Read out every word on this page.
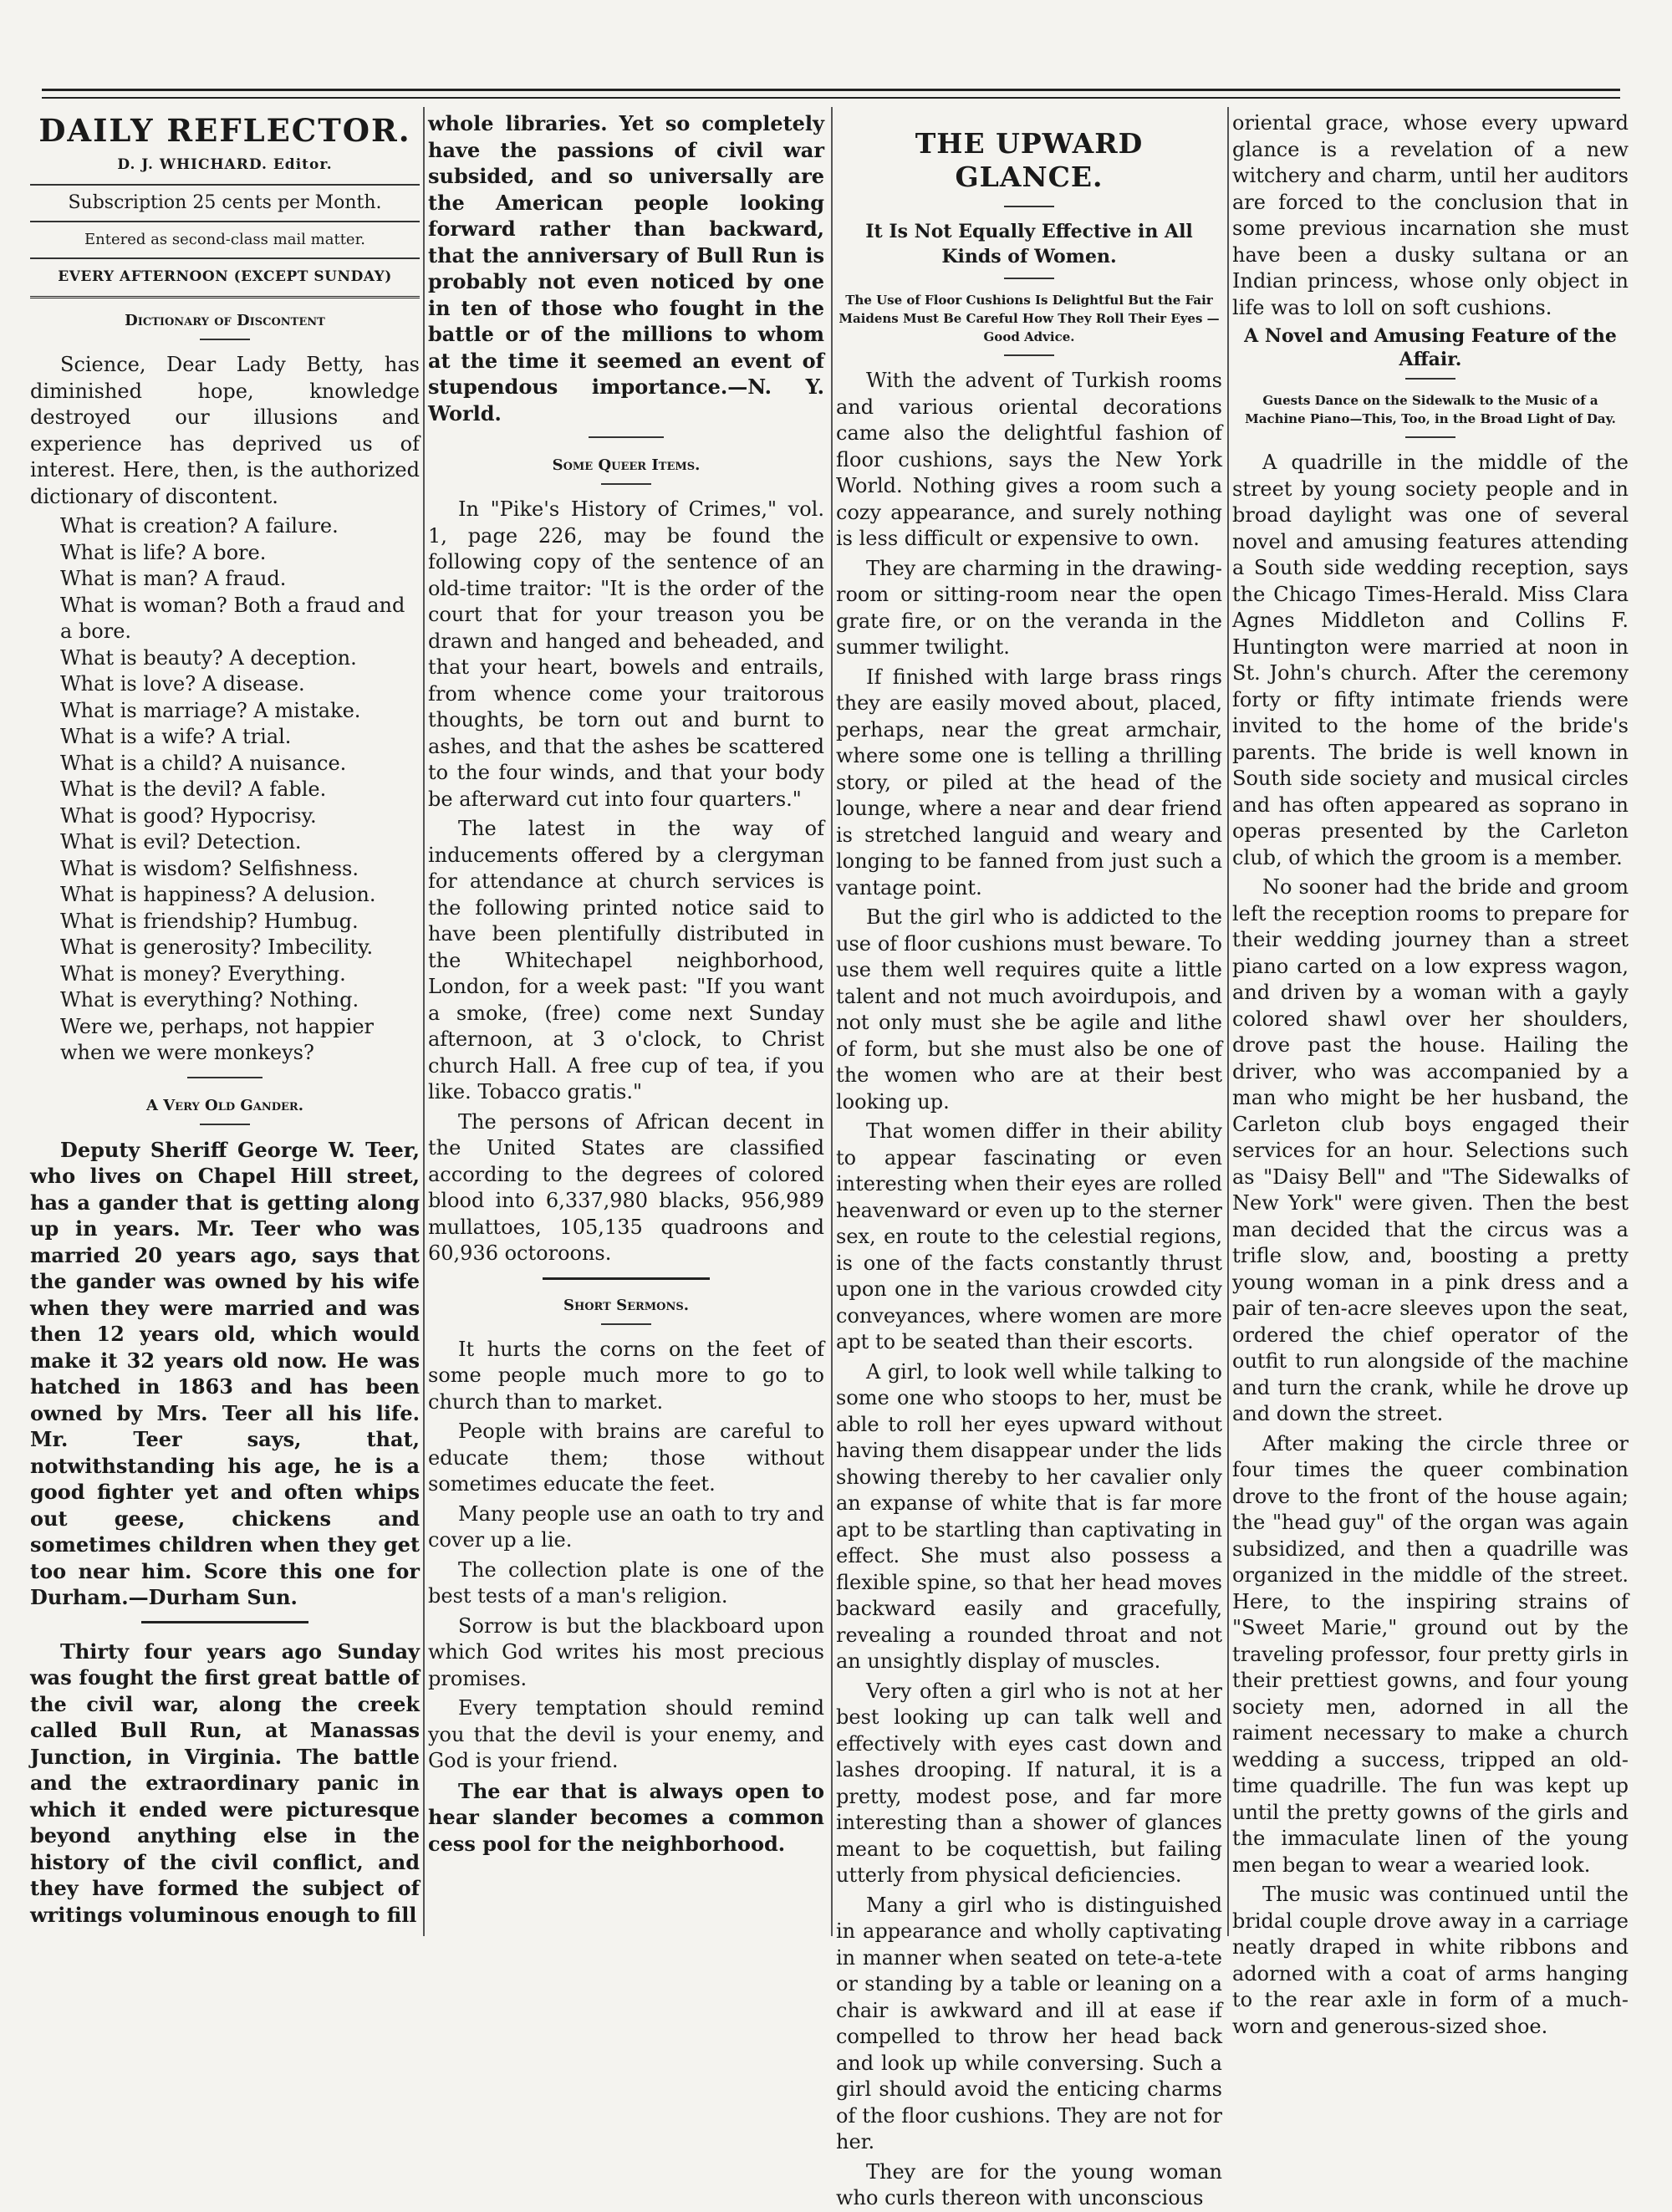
DAILY REFLECTOR.
D. J. WHICHARD. Editor.
Subscription 25 cents per Month.
Entered as second-class mail matter.
EVERY AFTERNOON (EXCEPT SUNDAY)
Dictionary of Discontent

Science, Dear Lady Betty, has diminished hope, knowledge destroyed our illusions and experience has deprived us of interest. Here, then, is the authorized dictionary of discontent.

What is creation? A failure.

What is life? A bore.

What is man? A fraud.

What is woman? Both a fraud and a bore.

What is beauty? A deception.

What is love? A disease.

What is marriage? A mistake.

What is a wife? A trial.

What is a child? A nuisance.

What is the devil? A fable.

What is good? Hypocrisy.

What is evil? Detection.

What is wisdom? Selfishness.

What is happiness? A delusion.

What is friendship? Humbug.

What is generosity? Imbecility.

What is money? Everything.

What is everything? Nothing.

Were we, perhaps, not happier when we were monkeys?

A Very Old Gander.

Deputy Sheriff George W. Teer, who lives on Chapel Hill street, has a gander that is getting along up in years. Mr. Teer who was married 20 years ago, says that the gander was owned by his wife when they were married and was then 12 years old, which would make it 32 years old now. He was hatched in 1863 and has been owned by Mrs. Teer all his life. Mr. Teer says, that, notwithstanding his age, he is a good fighter yet and often whips out geese, chickens and sometimes children when they get too near him. Score this one for Durham.—Durham Sun.

Thirty four years ago Sunday was fought the first great battle of the civil war, along the creek called Bull Run, at Manassas Junction, in Virginia. The battle and the extraordinary panic in which it ended were picturesque beyond anything else in the history of the civil conflict, and they have formed the subject of writings voluminous enough to fill

whole libraries. Yet so completely have the passions of civil war subsided, and so universally are the American people looking forward rather than backward, that the anniversary of Bull Run is probably not even noticed by one in ten of those who fought in the battle or of the millions to whom at the time it seemed an event of stupendous importance.—N. Y. World.

Some Queer Items.

In "Pike's History of Crimes," vol. 1, page 226, may be found the following copy of the sentence of an old-time traitor: "It is the order of the court that for your treason you be drawn and hanged and beheaded, and that your heart, bowels and entrails, from whence come your traitorous thoughts, be torn out and burnt to ashes, and that the ashes be scattered to the four winds, and that your body be afterward cut into four quarters."

The latest in the way of inducements offered by a clergyman for attendance at church services is the following printed notice said to have been plentifully distributed in the Whitechapel neighborhood, London, for a week past: "If you want a smoke, (free) come next Sunday afternoon, at 3 o'clock, to Christ church Hall. A free cup of tea, if you like. Tobacco gratis."

The persons of African decent in the United States are classified according to the degrees of colored blood into 6,337,980 blacks, 956,989 mullattoes, 105,135 quadroons and 60,936 octoroons.

Short Sermons.

It hurts the corns on the feet of some people much more to go to church than to market.

People with brains are careful to educate them; those without sometimes educate the feet.

Many people use an oath to try and cover up a lie.

The collection plate is one of the best tests of a man's religion.

Sorrow is but the blackboard upon which God writes his most precious promises.

Every temptation should remind you that the devil is your enemy, and God is your friend.

The ear that is always open to hear slander becomes a common cess pool for the neighborhood.

THE UPWARD GLANCE.
It Is Not Equally Effective in All Kinds of Women.
The Use of Floor Cushions Is Delightful But the Fair Maidens Must Be Careful How They Roll Their Eyes —Good Advice.

With the advent of Turkish rooms and various oriental decorations came also the delightful fashion of floor cushions, says the New York World. Nothing gives a room such a cozy appearance, and surely nothing is less difficult or expensive to own.

They are charming in the drawing-room or sitting-room near the open grate fire, or on the veranda in the summer twilight.

If finished with large brass rings they are easily moved about, placed, perhaps, near the great armchair, where some one is telling a thrilling story, or piled at the head of the lounge, where a near and dear friend is stretched languid and weary and longing to be fanned from just such a vantage point.

But the girl who is addicted to the use of floor cushions must beware. To use them well requires quite a little talent and not much avoirdupois, and not only must she be agile and lithe of form, but she must also be one of the women who are at their best looking up.

That women differ in their ability to appear fascinating or even interesting when their eyes are rolled heavenward or even up to the sterner sex, en route to the celestial regions, is one of the facts constantly thrust upon one in the various crowded city conveyances, where women are more apt to be seated than their escorts.

A girl, to look well while talking to some one who stoops to her, must be able to roll her eyes upward without having them disappear under the lids showing thereby to her cavalier only an expanse of white that is far more apt to be startling than captivating in effect. She must also possess a flexible spine, so that her head moves backward easily and gracefully, revealing a rounded throat and not an unsightly display of muscles.

Very often a girl who is not at her best looking up can talk well and effectively with eyes cast down and lashes drooping. If natural, it is a pretty, modest pose, and far more interesting than a shower of glances meant to be coquettish, but failing utterly from physical deficiencies.

Many a girl who is distinguished in appearance and wholly captivating in manner when seated on tete-a-tete or standing by a table or leaning on a chair is awkward and ill at ease if compelled to throw her head back and look up while conversing. Such a girl should avoid the enticing charms of the floor cushions. They are not for her.

They are for the young woman who curls thereon with unconscious

oriental grace, whose every upward glance is a revelation of a new witchery and charm, until her auditors are forced to the conclusion that in some previous incarnation she must have been a dusky sultana or an Indian princess, whose only object in life was to loll on soft cushions.

A Novel and Amusing Feature of the Affair.
Guests Dance on the Sidewalk to the Music of a Machine Piano—This, Too, in the Broad Light of Day.

A quadrille in the middle of the street by young society people and in broad daylight was one of several novel and amusing features attending a South side wedding reception, says the Chicago Times-Herald. Miss Clara Agnes Middleton and Collins F. Huntington were married at noon in St. John's church. After the ceremony forty or fifty intimate friends were invited to the home of the bride's parents. The bride is well known in South side society and musical circles and has often appeared as soprano in operas presented by the Carleton club, of which the groom is a member.

No sooner had the bride and groom left the reception rooms to prepare for their wedding journey than a street piano carted on a low express wagon, and driven by a woman with a gayly colored shawl over her shoulders, drove past the house. Hailing the driver, who was accompanied by a man who might be her husband, the Carleton club boys engaged their services for an hour. Selections such as "Daisy Bell" and "The Sidewalks of New York" were given. Then the best man decided that the circus was a trifle slow, and, boosting a pretty young woman in a pink dress and a pair of ten-acre sleeves upon the seat, ordered the chief operator of the outfit to run alongside of the machine and turn the crank, while he drove up and down the street.

After making the circle three or four times the queer combination drove to the front of the house again; the "head guy" of the organ was again subsidized, and then a quadrille was organized in the middle of the street. Here, to the inspiring strains of "Sweet Marie," ground out by the traveling professor, four pretty girls in their prettiest gowns, and four young society men, adorned in all the raiment necessary to make a church wedding a success, tripped an old-time quadrille. The fun was kept up until the pretty gowns of the girls and the immaculate linen of the young men began to wear a wearied look.

The music was continued until the bridal couple drove away in a carriage neatly draped in white ribbons and adorned with a coat of arms hanging to the rear axle in form of a much-worn and generous-sized shoe.
